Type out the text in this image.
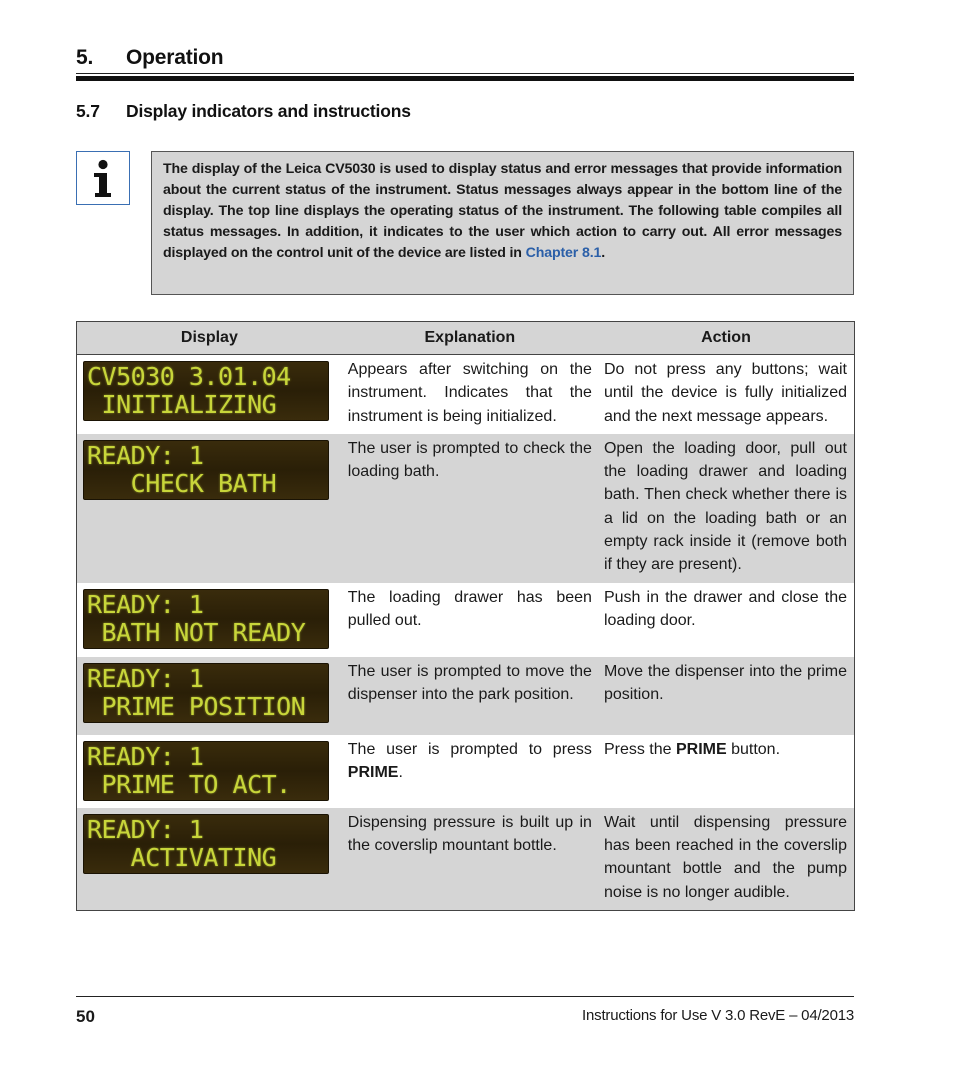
5. Operation
5.7 Display indicators and instructions
The display of the Leica CV5030 is used to display status and error messages that provide information about the current status of the instrument. Status messages always appear in the bottom line of the display. The top line displays the operating status of the instrument. The following table compiles all status messages. In addition, it indicates to the user which action to carry out. All error messages displayed on the control unit of the device are listed in Chapter 8.1.
Display	Explanation	Action

CV5030 3.01.04
INITIALIZING	Appears after switching on the instrument. Indicates that the instrument is being initialized.	Do not press any buttons; wait until the device is fully initialized and the next message appears.

READY: 1
CHECK BATH	The user is prompted to check the loading bath.	Open the loading door, pull out the loading drawer and loading bath. Then check whether there is a lid on the loading bath or an empty rack inside it (remove both if they are present).

READY: 1
BATH NOT READY	The loading drawer has been pulled out.	Push in the drawer and close the loading door.

READY: 1
PRIME POSITION	The user is prompted to move the dispenser into the park position.	Move the dispenser into the prime position.

READY: 1
PRIME TO ACT.	The user is prompted to press PRIME.	Press the PRIME button.

READY: 1
ACTIVATING	Dispensing pressure is built up in the coverslip mountant bottle.	Wait until dispensing pressure has been reached in the coverslip mountant bottle and the pump noise is no longer audible.
50	Instructions for Use V 3.0 RevE – 04/2013
